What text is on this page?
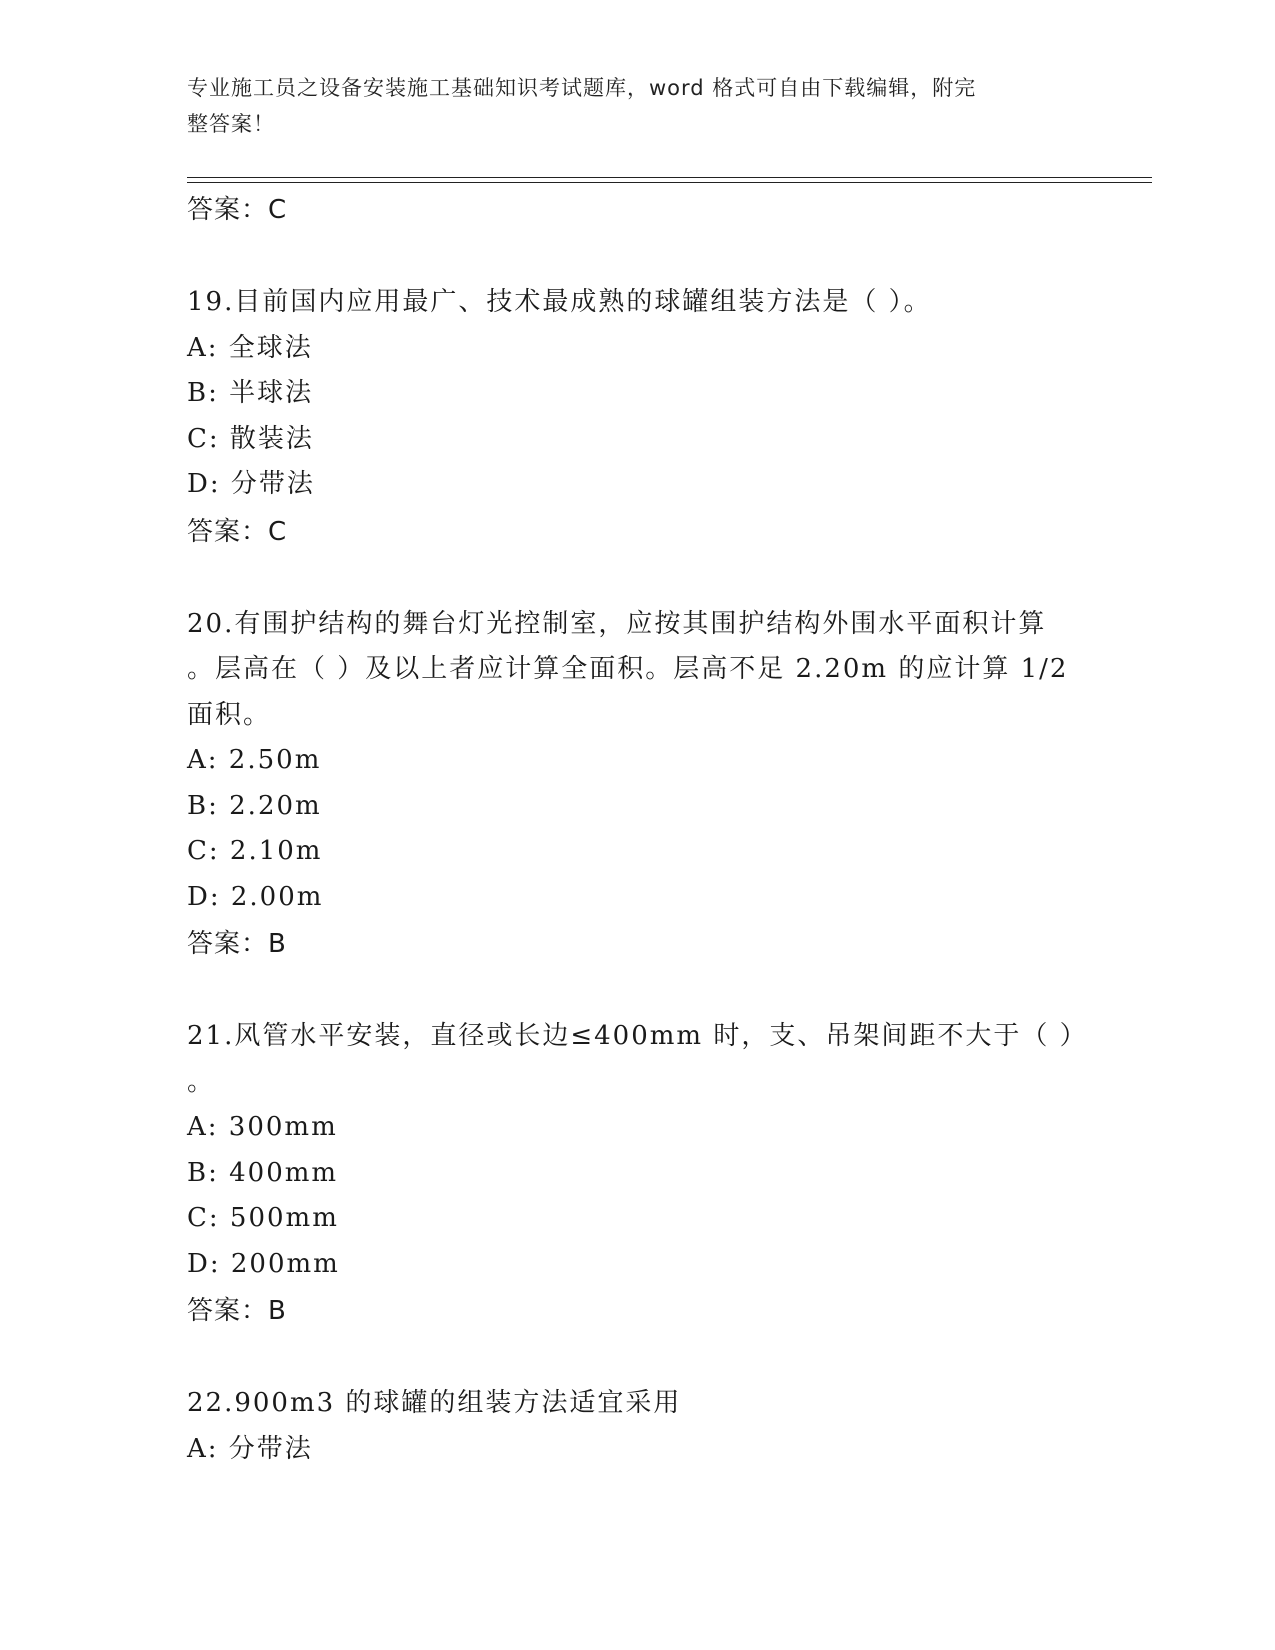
专业施工员之设备安装施工基础知识考试题库，word 格式可自由下载编辑，附完
整答案！
答案：C
19.目前国内应用最广、技术最成熟的球罐组装方法是（ ）。
A: 全球法
B: 半球法
C: 散装法
D: 分带法
答案：C
20.有围护结构的舞台灯光控制室，应按其围护结构外围水平面积计算
。层高在（ ）及以上者应计算全面积。层高不足 2.20m 的应计算 1/2
面积。
A: 2.50m
B: 2.20m
C: 2.10m
D: 2.00m
答案：B
21.风管水平安装，直径或长边≤400mm 时，支、吊架间距不大于（ ）
。
A: 300mm
B: 400mm
C: 500mm
D: 200mm
答案：B
22.900m3 的球罐的组装方法适宜采用
A: 分带法
